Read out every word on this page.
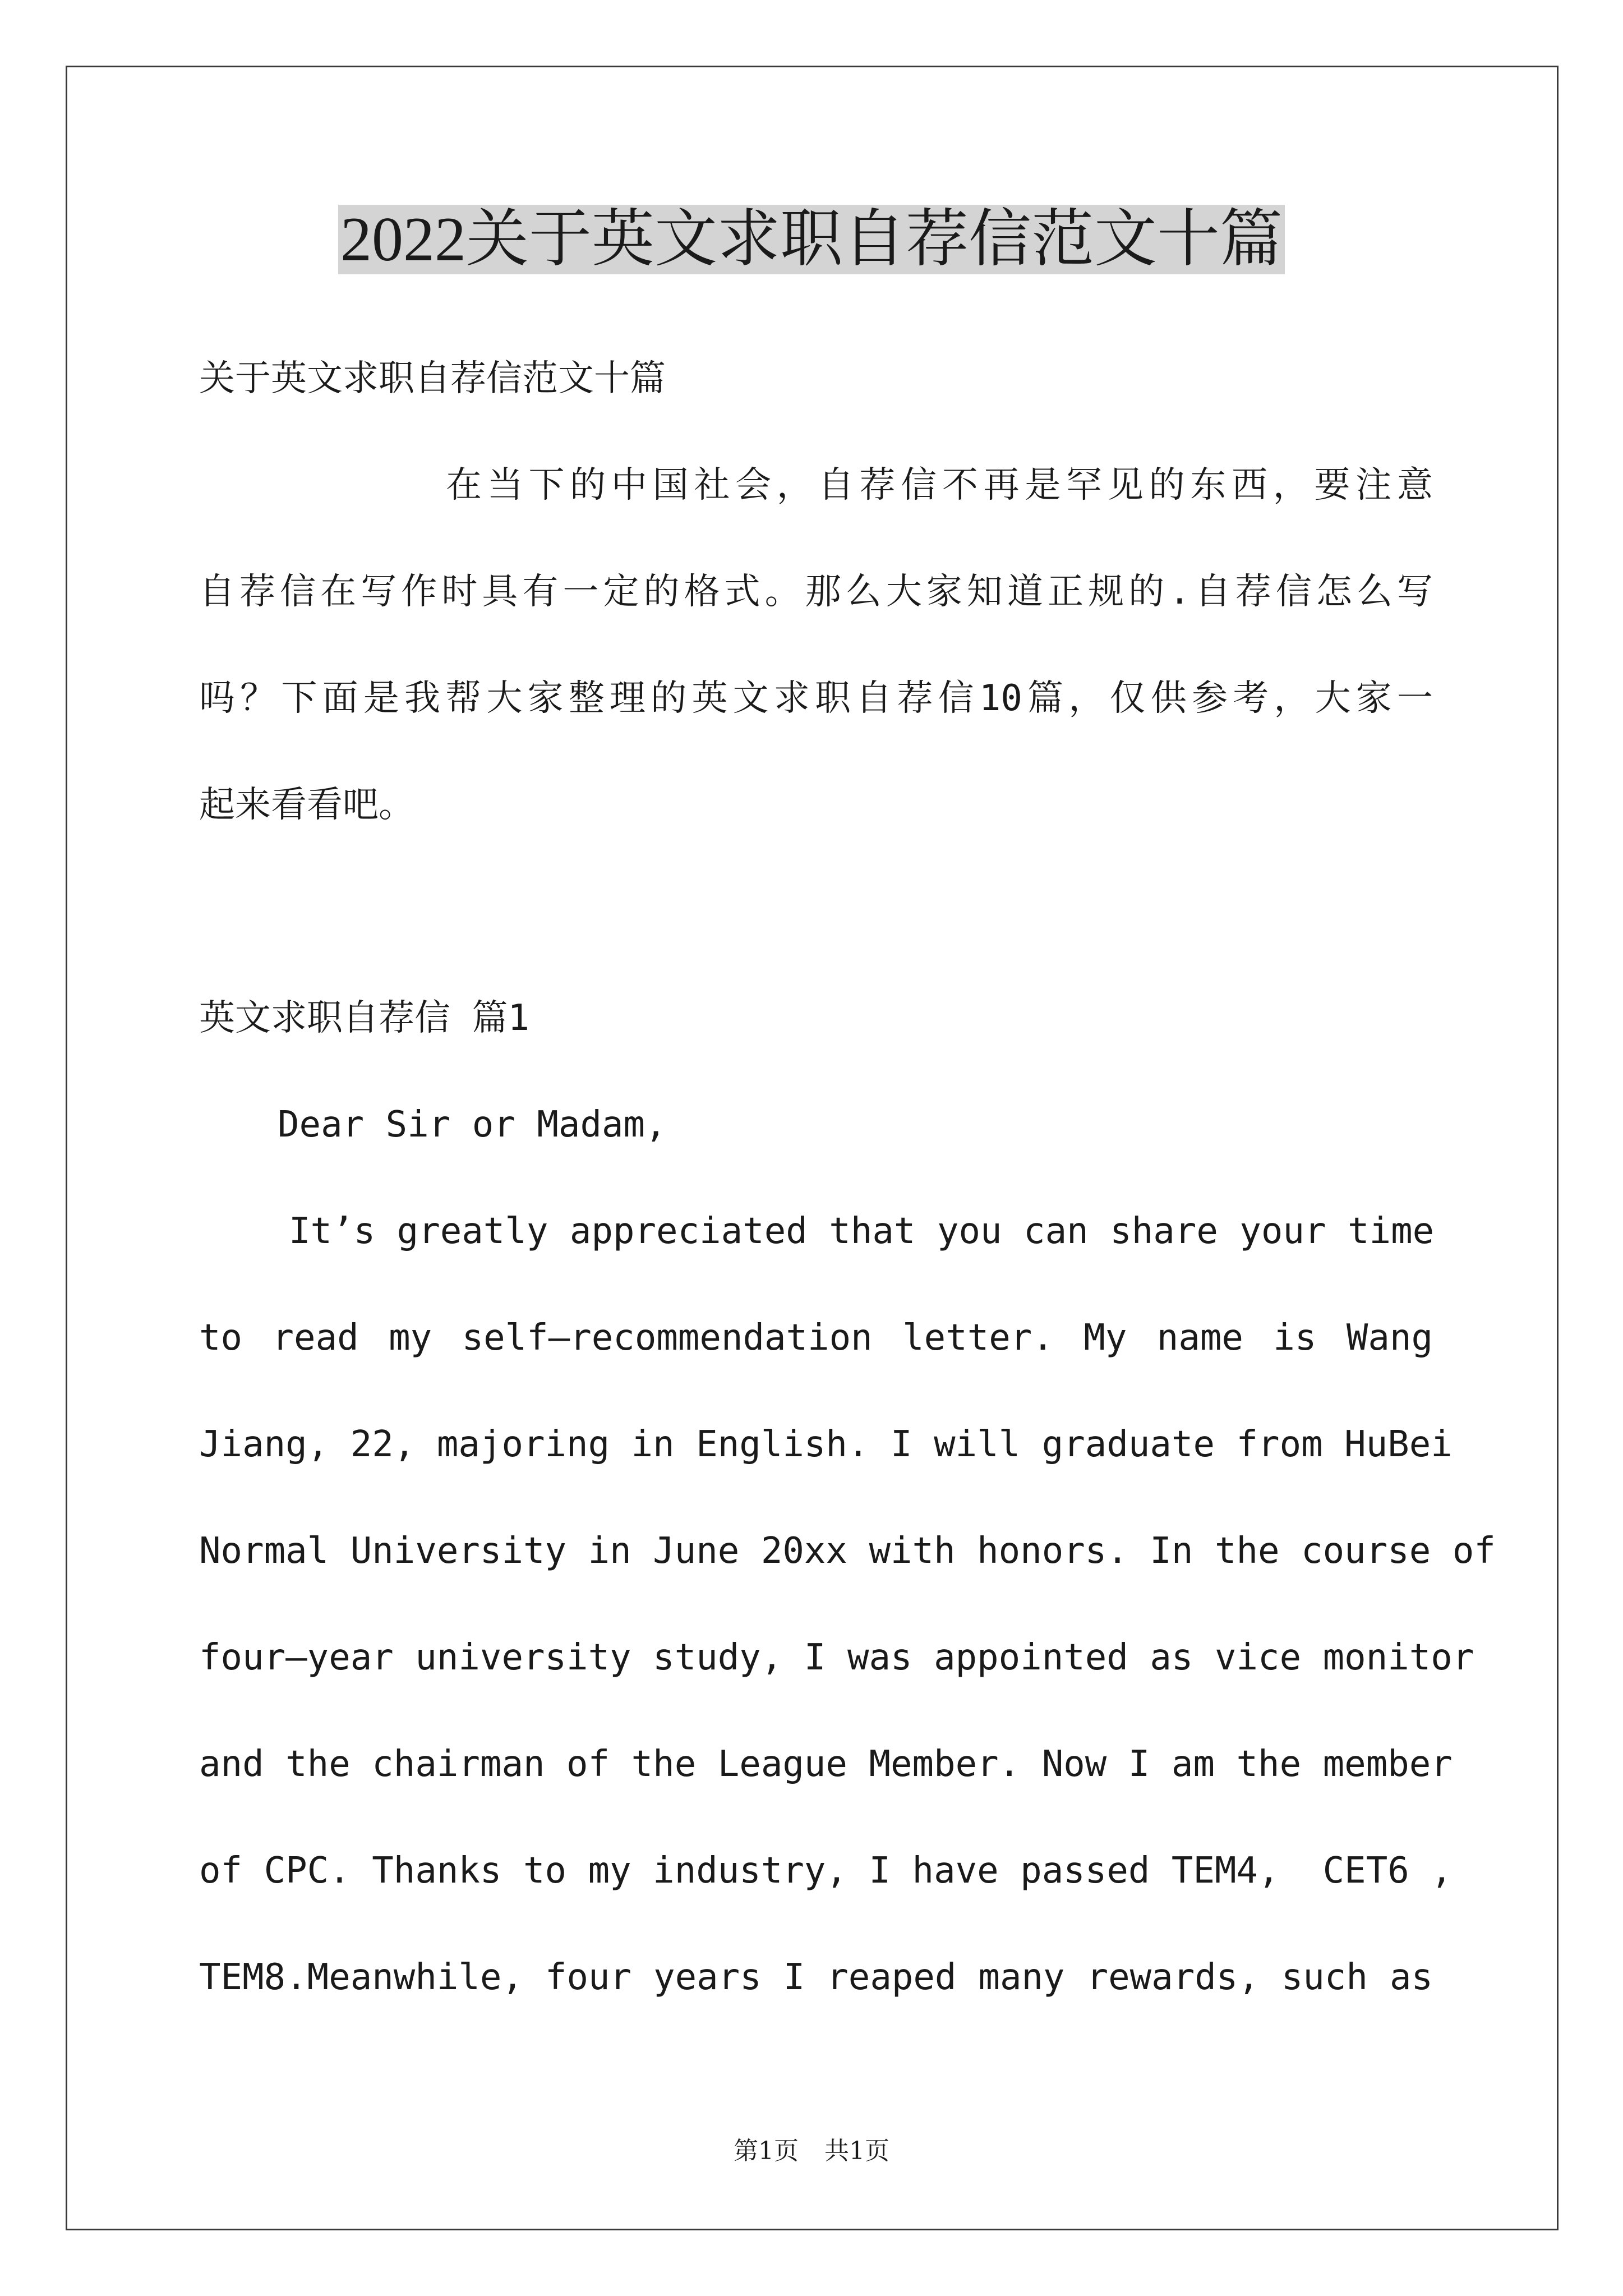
2022关于英文求职自荐信范文十篇

关于英文求职自荐信范文十篇

在当下的中国社会，自荐信不再是罕见的东西，要注意

自荐信在写作时具有一定的格式。那么大家知道正规的.自荐信怎么写

吗？下面是我帮大家整理的英文求职自荐信10篇，仅供参考，大家一

起来看看吧。

英文求职自荐信 篇1

Dear Sir or Madam,

It’s greatly appreciated that you can share your time

to read my self—recommendation letter. My name is Wang

Jiang, 22, majoring in English. I will graduate from HuBei

Normal University in June 20xx with honors. In the course of

four—year university study, I was appointed as vice monitor

and the chairman of the League Member. Now I am the member

of CPC. Thanks to my industry, I have passed TEM4,  CET6 ,

TEM8.Meanwhile, four years I reaped many rewards, such as

第1页 共1页
